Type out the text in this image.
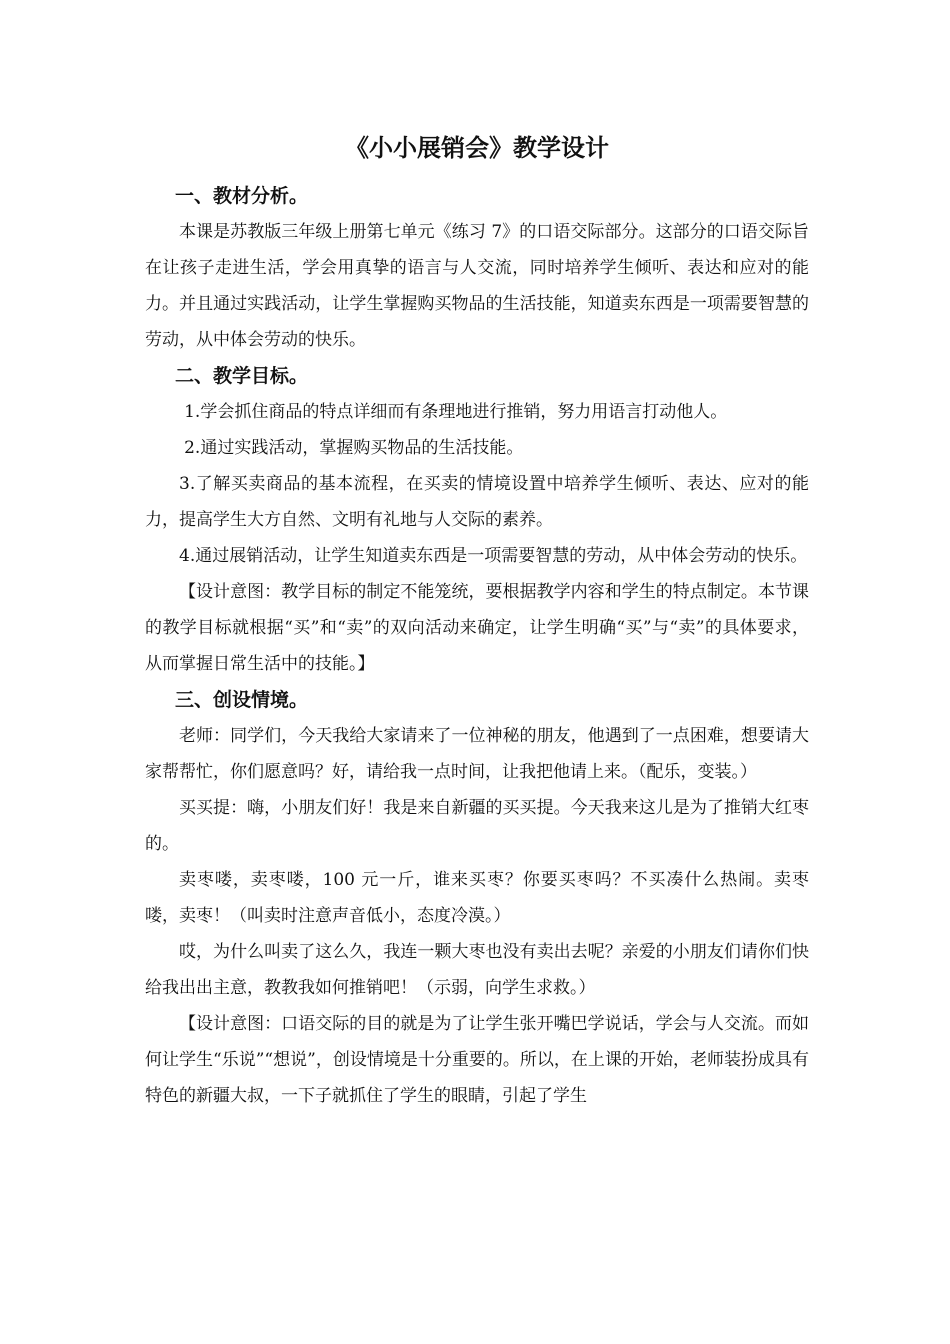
《小小展销会》教学设计
一、教材分析。

本课是苏教版三年级上册第七单元《练习 7》的口语交际部分。这部分的口语交际旨在让孩子走进生活，学会用真挚的语言与人交流，同时培养学生倾听、表达和应对的能力。并且通过实践活动，让学生掌握购买物品的生活技能，知道卖东西是一项需要智慧的劳动，从中体会劳动的快乐。

二、教学目标。

1.学会抓住商品的特点详细而有条理地进行推销，努力用语言打动他人。

2.通过实践活动，掌握购买物品的生活技能。

3.了解买卖商品的基本流程，在买卖的情境设置中培养学生倾听、表达、应对的能力，提高学生大方自然、文明有礼地与人交际的素养。

4.通过展销活动，让学生知道卖东西是一项需要智慧的劳动，从中体会劳动的快乐。

【设计意图：教学目标的制定不能笼统，要根据教学内容和学生的特点制定。本节课的教学目标就根据“买”和“卖”的双向活动来确定，让学生明确“买”与“卖”的具体要求，从而掌握日常生活中的技能。】

三、创设情境。

老师：同学们，今天我给大家请来了一位神秘的朋友，他遇到了一点困难，想要请大家帮帮忙，你们愿意吗？好，请给我一点时间，让我把他请上来。（配乐，变装。）

买买提：嗨，小朋友们好！我是来自新疆的买买提。今天我来这儿是为了推销大红枣的。

卖枣喽，卖枣喽，100 元一斤，谁来买枣？你要买枣吗？不买凑什么热闹。卖枣喽，卖枣！（叫卖时注意声音低小，态度冷漠。）

哎，为什么叫卖了这么久，我连一颗大枣也没有卖出去呢？亲爱的小朋友们请你们快给我出出主意，教教我如何推销吧！（示弱，向学生求救。）

【设计意图：口语交际的目的就是为了让学生张开嘴巴学说话，学会与人交流。而如何让学生“乐说”“想说”，创设情境是十分重要的。所以，在上课的开始，老师装扮成具有特色的新疆大叔，一下子就抓住了学生的眼睛，引起了学生
